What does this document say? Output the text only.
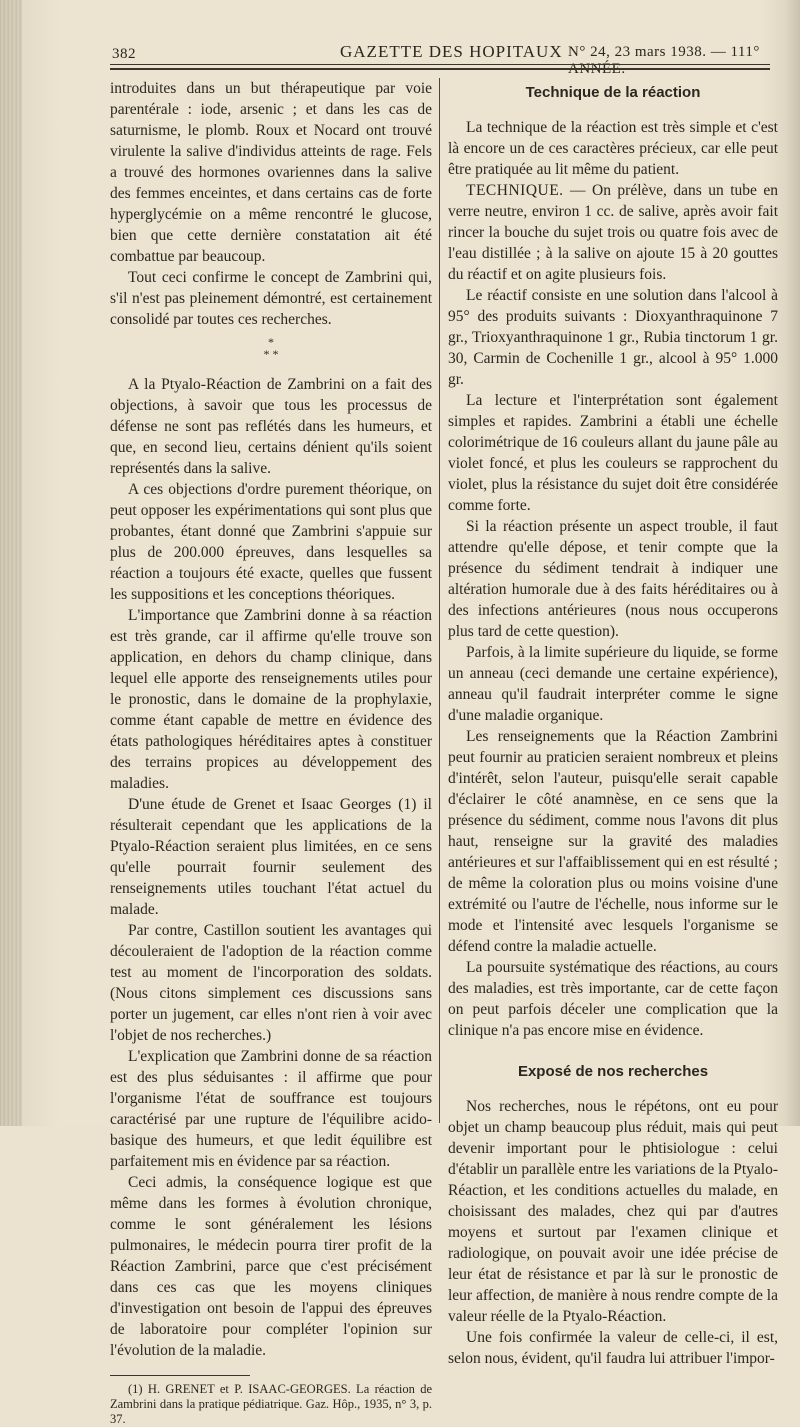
382	GAZETTE DES HOPITAUX N° 24, 23 mars 1938. — 111° ANNÉE.

introduites dans un but thérapeutique par voie parentérale : iode, arsenic ; et dans les cas de saturnisme, le plomb. Roux et Nocard ont trouvé virulente la salive d'individus atteints de rage. Fels a trouvé des hormones ovariennes dans la salive des femmes enceintes, et dans certains cas de forte hyperglycémie on a même rencontré le glucose, bien que cette dernière constatation ait été combattue par beaucoup.

Tout ceci confirme le concept de Zambrini qui, s'il n'est pas pleinement démontré, est certainement consolidé par toutes ces recherches.

*
* *

A la Ptyalo-Réaction de Zambrini on a fait des objections, à savoir que tous les processus de défense ne sont pas reflétés dans les humeurs, et que, en second lieu, certains dénient qu'ils soient représentés dans la salive.

A ces objections d'ordre purement théorique, on peut opposer les expérimentations qui sont plus que probantes, étant donné que Zambrini s'appuie sur plus de 200.000 épreuves, dans lesquelles sa réaction a toujours été exacte, quelles que fussent les suppositions et les conceptions théoriques.

L'importance que Zambrini donne à sa réaction est très grande, car il affirme qu'elle trouve son application, en dehors du champ clinique, dans lequel elle apporte des renseignements utiles pour le pronostic, dans le domaine de la prophylaxie, comme étant capable de mettre en évidence des états pathologiques héréditaires aptes à constituer des terrains propices au développement des maladies.

D'une étude de Grenet et Isaac Georges (1) il résulterait cependant que les applications de la Ptyalo-Réaction seraient plus limitées, en ce sens qu'elle pourrait fournir seulement des renseignements utiles touchant l'état actuel du malade.

Par contre, Castillon soutient les avantages qui découleraient de l'adoption de la réaction comme test au moment de l'incorporation des soldats. (Nous citons simplement ces discussions sans porter un jugement, car elles n'ont rien à voir avec l'objet de nos recherches.)

L'explication que Zambrini donne de sa réaction est des plus séduisantes : il affirme que pour l'organisme l'état de souffrance est toujours caractérisé par une rupture de l'équilibre acido-basique des humeurs, et que ledit équilibre est parfaitement mis en évidence par sa réaction.

Ceci admis, la conséquence logique est que même dans les formes à évolution chronique, comme le sont généralement les lésions pulmonaires, le médecin pourra tirer profit de la Réaction Zambrini, parce que c'est précisément dans ces cas que les moyens cliniques d'investigation ont besoin de l'appui des épreuves de laboratoire pour compléter l'opinion sur l'évolution de la maladie.

(1) H. GRENET et P. ISAAC-GEORGES. La réaction de Zambrini dans la pratique pédiatrique. Gaz. Hôp., 1935, n° 3, p. 37.

Technique de la réaction

La technique de la réaction est très simple et c'est là encore un de ces caractères précieux, car elle peut être pratiquée au lit même du patient.

TECHNIQUE. — On prélève, dans un tube en verre neutre, environ 1 cc. de salive, après avoir fait rincer la bouche du sujet trois ou quatre fois avec de l'eau distillée ; à la salive on ajoute 15 à 20 gouttes du réactif et on agite plusieurs fois.

Le réactif consiste en une solution dans l'alcool à 95° des produits suivants : Dioxyanthraquinone 7 gr., Trioxyanthraquinone 1 gr., Rubia tinctorum 1 gr. 30, Carmin de Cochenille 1 gr., alcool à 95° 1.000 gr.

La lecture et l'interprétation sont également simples et rapides. Zambrini a établi une échelle colorimétrique de 16 couleurs allant du jaune pâle au violet foncé, et plus les couleurs se rapprochent du violet, plus la résistance du sujet doit être considérée comme forte.

Si la réaction présente un aspect trouble, il faut attendre qu'elle dépose, et tenir compte que la présence du sédiment tendrait à indiquer une altération humorale due à des faits héréditaires ou à des infections antérieures (nous nous occuperons plus tard de cette question).

Parfois, à la limite supérieure du liquide, se forme un anneau (ceci demande une certaine expérience), anneau qu'il faudrait interpréter comme le signe d'une maladie organique.

Les renseignements que la Réaction Zambrini peut fournir au praticien seraient nombreux et pleins d'intérêt, selon l'auteur, puisqu'elle serait capable d'éclairer le côté anamnèse, en ce sens que la présence du sédiment, comme nous l'avons dit plus haut, renseigne sur la gravité des maladies antérieures et sur l'affaiblissement qui en est résulté ; de même la coloration plus ou moins voisine d'une extrémité ou l'autre de l'échelle, nous informe sur le mode et l'intensité avec lesquels l'organisme se défend contre la maladie actuelle.

La poursuite systématique des réactions, au cours des maladies, est très importante, car de cette façon on peut parfois déceler une complication que la clinique n'a pas encore mise en évidence.

Exposé de nos recherches

Nos recherches, nous le répétons, ont eu pour objet un champ beaucoup plus réduit, mais qui peut devenir important pour le phtisiologue : celui d'établir un parallèle entre les variations de la Ptyalo-Réaction, et les conditions actuelles du malade, en choisissant des malades, chez qui par d'autres moyens et surtout par l'examen clinique et radiologique, on pouvait avoir une idée précise de leur état de résistance et par là sur le pronostic de leur affection, de manière à nous rendre compte de la valeur réelle de la Ptyalo-Réaction.

Une fois confirmée la valeur de celle-ci, il est, selon nous, évident, qu'il faudra lui attribuer l'impor-
